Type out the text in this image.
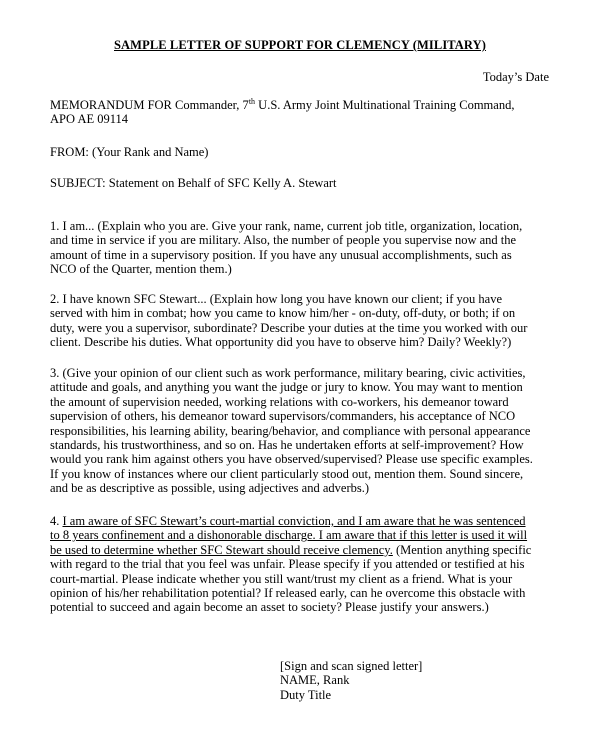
SAMPLE LETTER OF SUPPORT FOR CLEMENCY (MILITARY)
Today’s Date
MEMORANDUM FOR Commander, 7th U.S. Army Joint Multinational Training Command,
APO AE 09114
FROM: (Your Rank and Name)
SUBJECT: Statement on Behalf of SFC Kelly A. Stewart
1. I am... (Explain who you are. Give your rank, name, current job title, organization, location,
and time in service if you are military. Also, the number of people you supervise now and the
amount of time in a supervisory position. If you have any unusual accomplishments, such as
NCO of the Quarter, mention them.)
2. I have known SFC Stewart... (Explain how long you have known our client; if you have
served with him in combat; how you came to know him/her - on-duty, off-duty, or both; if on
duty, were you a supervisor, subordinate? Describe your duties at the time you worked with our
client. Describe his duties. What opportunity did you have to observe him? Daily? Weekly?)
3. (Give your opinion of our client such as work performance, military bearing, civic activities,
attitude and goals, and anything you want the judge or jury to know. You may want to mention
the amount of supervision needed, working relations with co-workers, his demeanor toward
supervision of others, his demeanor toward supervisors/commanders, his acceptance of NCO
responsibilities, his learning ability, bearing/behavior, and compliance with personal appearance
standards, his trustworthiness, and so on. Has he undertaken efforts at self-improvement? How
would you rank him against others you have observed/supervised? Please use specific examples.
If you know of instances where our client particularly stood out, mention them. Sound sincere,
and be as descriptive as possible, using adjectives and adverbs.)
4. I am aware of SFC Stewart’s court-martial conviction, and I am aware that he was sentenced
to 8 years confinement and a dishonorable discharge. I am aware that if this letter is used it will
be used to determine whether SFC Stewart should receive clemency. (Mention anything specific
with regard to the trial that you feel was unfair. Please specify if you attended or testified at his
court-martial. Please indicate whether you still want/trust my client as a friend. What is your
opinion of his/her rehabilitation potential? If released early, can he overcome this obstacle with
potential to succeed and again become an asset to society? Please justify your answers.)
[Sign and scan signed letter]
NAME, Rank
Duty Title
